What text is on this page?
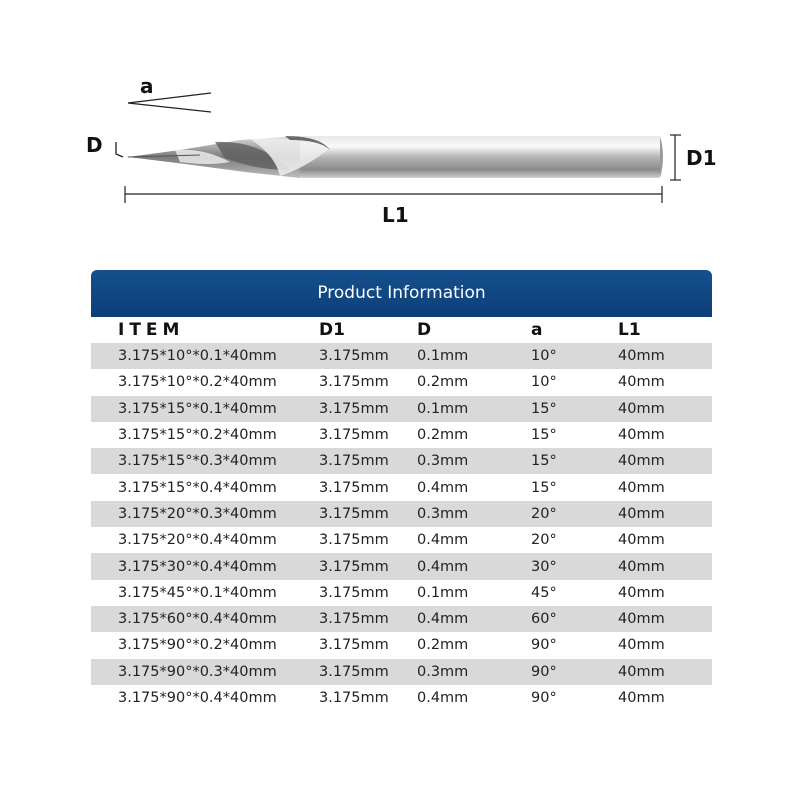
a
D
D1
L1
Product Information
ITEM	D1	D	a	L1
3.175*10°*0.1*40mm	3.175mm 0.1mm	10°	40mm
3.175*10°*0.2*40mm	3.175mm 0.2mm	10°	40mm
3.175*15°*0.1*40mm	3.175mm 0.1mm	15°	40mm
3.175*15°*0.2*40mm	3.175mm 0.2mm	15°	40mm
3.175*15°*0.3*40mm	3.175mm 0.3mm	15°	40mm
3.175*15°*0.4*40mm	3.175mm 0.4mm	15°	40mm
3.175*20°*0.3*40mm	3.175mm 0.3mm	20°	40mm
3.175*20°*0.4*40mm	3.175mm 0.4mm	20°	40mm
3.175*30°*0.4*40mm	3.175mm 0.4mm	30°	40mm
3.175*45°*0.1*40mm	3.175mm 0.1mm	45°	40mm
3.175*60°*0.4*40mm	3.175mm 0.4mm	60°	40mm
3.175*90°*0.2*40mm	3.175mm 0.2mm	90°	40mm
3.175*90°*0.3*40mm	3.175mm 0.3mm	90°	40mm
3.175*90°*0.4*40mm	3.175mm 0.4mm	90°	40mm
